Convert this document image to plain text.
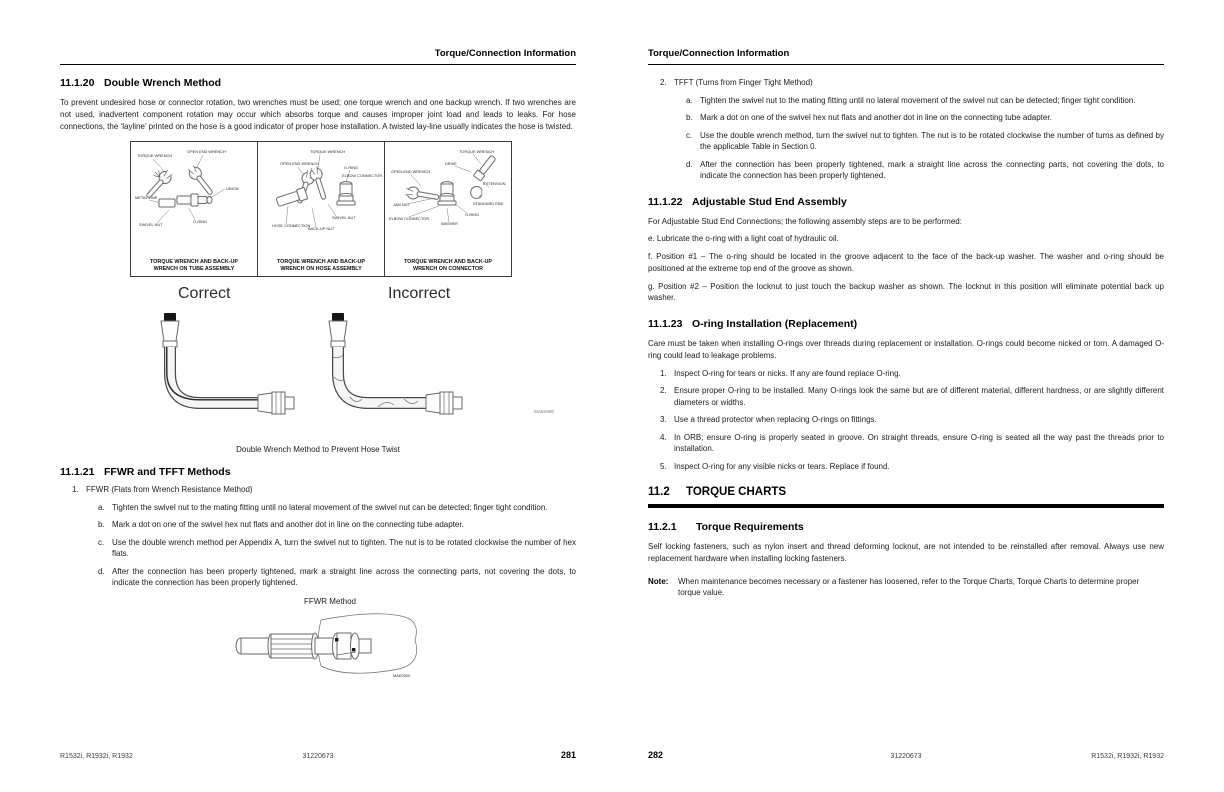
Torque/Connection Information
11.1.20 Double Wrench Method

To prevent undesired hose or connector rotation, two wrenches must be used; one torque wrench and one backup wrench. If two wrenches are not used, inadvertent component rotation may occur which absorbs torque and causes improper joint load and leads to leaks. For hose connections, the ‘layline’ printed on the hose is a good indicator of proper hose installation. A twisted lay-line usually indicates the hose is twisted.

TORQUE WRENCH
OPEN END WRENCH
UNION
METAL LINE
O-RING
SWIVEL NUT
TORQUE WRENCH AND BACK-UP
WRENCH ON TUBE ASSEMBLY
OPEN END WRENCH
TORQUE WRENCH
O-RING
ELBOW CONNECTOR
HOSE CONNECTION
BACK-UP NUT
SWIVEL NUT
TORQUE WRENCH AND BACK-UP
WRENCH ON HOSE ASSEMBLY
TORQUE WRENCH
DRIVE
OPEN-END WRENCH
EXTENSION
JAM NUT	STANDARD END
ELBOW CONNECTOR
WASHER
O-RING
TORQUE WRENCH AND BACK-UP
WRENCH ON CONNECTOR
Correct	Incorrect
MAE0490
Double Wrench Method to Prevent Hose Twist
11.1.21 FFWR and TFFT Methods
1. FFWR (Flats from Wrench Resistance Method)
a. Tighten the swivel nut to the mating fitting until no lateral movement of the swivel nut can be detected; finger tight condition.
b. Mark a dot on one of the swivel hex nut flats and another dot in line on the connecting tube adapter.
c. Use the double wrench method per Appendix A, turn the swivel nut to tighten. The nut is to be rotated clockwise the number of hex flats.
d. After the connection has been properly tightened, mark a straight line across the connecting parts, not covering the dots, to indicate the connection has been properly tightened.
FFWR Method
MAE0500
R1532i, R1932i, R1932	31220673	281
Torque/Connection Information
2. TFFT (Turns from Finger Tight Method)
a. Tighten the swivel nut to the mating fitting until no lateral movement of the swivel nut can be detected; finger tight condition.
b. Mark a dot on one of the swivel hex nut flats and another dot in line on the connecting tube adapter.
c. Use the double wrench method, turn the swivel nut to tighten. The nut is to be rotated clockwise the number of turns as defined by the applicable Table in Section 0.
d. After the connection has been properly tightened, mark a straight line across the connecting parts, not covering the dots, to indicate the connection has been properly tightened.
11.1.22 Adjustable Stud End Assembly

For Adjustable Stud End Connections; the following assembly steps are to be performed:

e. Lubricate the o-ring with a light coat of hydraulic oil.

f. Position #1 – The o-ring should be located in the groove adjacent to the face of the back-up washer. The washer and o-ring should be positioned at the extreme top end of the groove as shown.

g. Position #2 – Position the locknut to just touch the backup washer as shown. The locknut in this position will eliminate potential back up washer.

11.1.23 O-ring Installation (Replacement)

Care must be taken when installing O-rings over threads during replacement or installation. O-rings could become nicked or torn. A damaged O-ring could lead to leakage problems.

1. Inspect O-ring for tears or nicks. If any are found replace O-ring.
2. Ensure proper O-ring to be installed. Many O-rings look the same but are of different material, different hardness, or are slightly different diameters or widths.
3. Use a thread protector when replacing O-rings on fittings.
4. In ORB; ensure O-ring is properly seated in groove. On straight threads, ensure O-ring is seated all the way past the threads prior to installation.
5. Inspect O-ring for any visible nicks or tears. Replace if found.
11.2 TORQUE CHARTS
11.2.1 Torque Requirements

Self locking fasteners, such as nylon insert and thread deforming locknut, are not intended to be reinstalled after removal. Always use new replacement hardware when installing locking fasteners.

Note:	When maintenance becomes necessary or a fastener has loosened, refer to the Torque Charts, Torque Charts to determine proper torque value.
282	31220673	R1532i, R1932i, R1932
